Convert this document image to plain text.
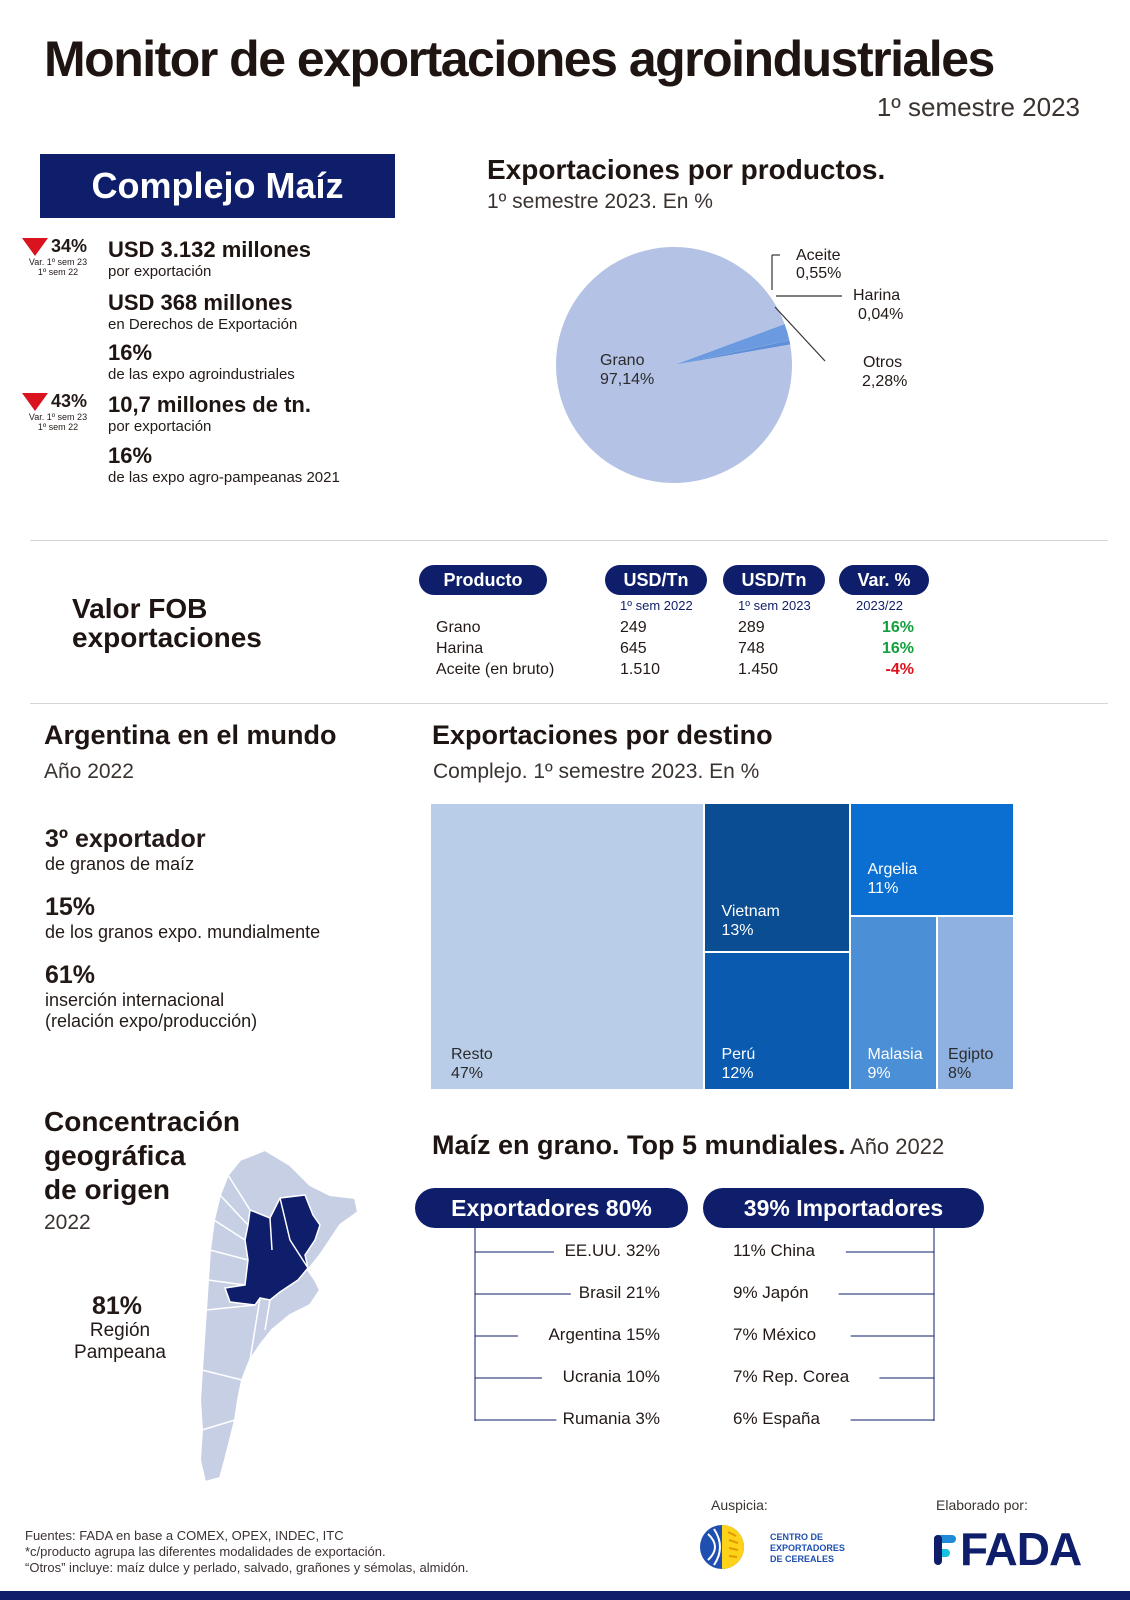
Monitor de exportaciones agroindustriales
1º semestre 2023
Complejo Maíz
34%
Var. 1º sem 23
1º sem 22
USD 3.132 millones
por exportación
USD 368 millones
en Derechos de Exportación
16%
de las expo agroindustriales
43%
Var. 1º sem 23
1º sem 22
10,7 millones de tn.
por exportación
16%
de las expo agro-pampeanas 2021
Exportaciones por productos.
1º semestre 2023. En %
Aceite
0,55%
Harina
0,04%
Otros
2,28%
Grano
97,14%
Valor FOB
exportaciones
Producto	USD/Tn	USD/Tn	Var. %
1º sem 2022	1º sem 2023	2023/22
Grano	249	289	16%
Harina	645	748	16%
Aceite (en bruto)	1.510	1.450	-4%
Argentina en el mundo
Año 2022
3º exportador
de granos de maíz
15%
de los granos expo. mundialmente
61%
inserción internacional
(relación expo/producción)
Exportaciones por destino
Complejo. 1º semestre 2023. En %
Resto
47%
Vietnam
13%
Perú
12%
Argelia
11%
Malasia
9%
Egipto
8%
Concentración
geográfica
de origen
2022
81%
Región
Pampeana
Maíz en grano. Top 5 mundiales. Año 2022
Exportadores 80%	39% Importadores
EE.UU. 32%
Brasil 21%
Argentina 15%
Ucrania 10%
Rumania 3%
11% China
9% Japón
7% México
7% Rep. Corea
6% España
Fuentes: FADA en base a COMEX, OPEX, INDEC, ITC
*c/producto agrupa las diferentes modalidades de exportación.
“Otros” incluye: maíz dulce y perlado, salvado, grañones y sémolas, almidón.
Auspicia:
CENTRO DE
EXPORTADORES
DE CEREALES
Elaborado por:
FADA
